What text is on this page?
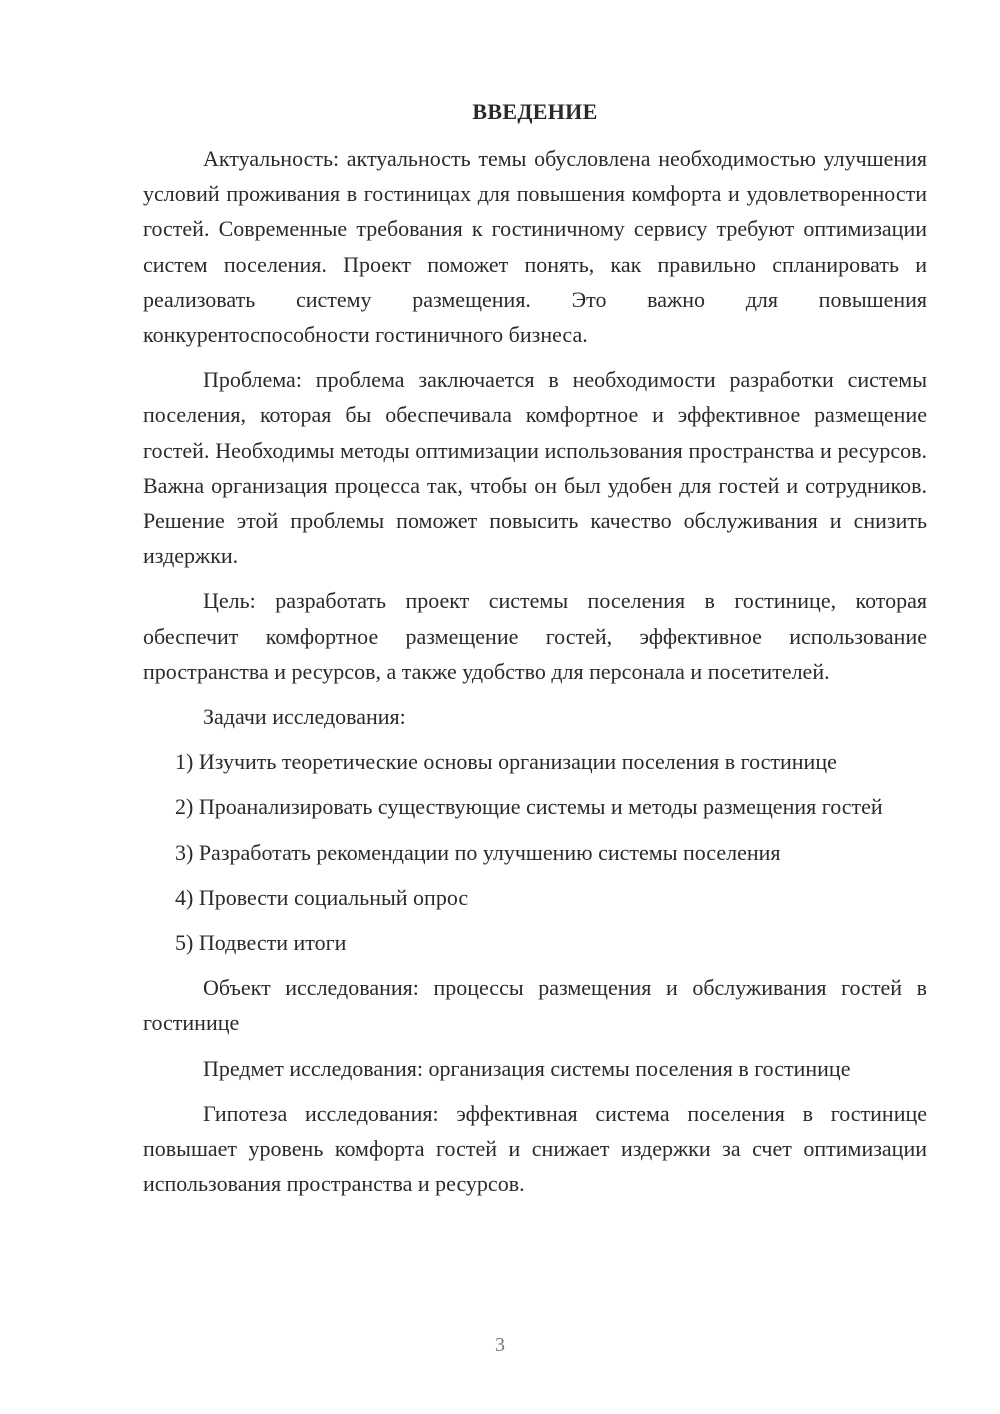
ВВЕДЕНИЕ

Актуальность: актуальность темы обусловлена необходимостью улучшения условий проживания в гостиницах для повышения комфорта и удовлетворенности гостей. Современные требования к гостиничному сервису требуют оптимизации систем поселения. Проект поможет понять, как правильно спланировать и реализовать систему размещения. Это важно для повышения конкурентоспособности гостиничного бизнеса.

Проблема: проблема заключается в необходимости разработки системы поселения, которая бы обеспечивала комфортное и эффективное размещение гостей. Необходимы методы оптимизации использования пространства и ресурсов. Важна организация процесса так, чтобы он был удобен для гостей и сотрудников. Решение этой проблемы поможет повысить качество обслуживания и снизить издержки.

Цель: разработать проект системы поселения в гостинице, которая обеспечит комфортное размещение гостей, эффективное использование пространства и ресурсов, а также удобство для персонала и посетителей.

Задачи исследования:

1) Изучить теоретические основы организации поселения в гостинице

2) Проанализировать существующие системы и методы размещения гостей

3) Разработать рекомендации по улучшению системы поселения

4) Провести социальный опрос

5) Подвести итоги

Объект исследования: процессы размещения и обслуживания гостей в гостинице

Предмет исследования: организация системы поселения в гостинице

Гипотеза исследования: эффективная система поселения в гостинице повышает уровень комфорта гостей и снижает издержки за счет оптимизации использования пространства и ресурсов.

3
